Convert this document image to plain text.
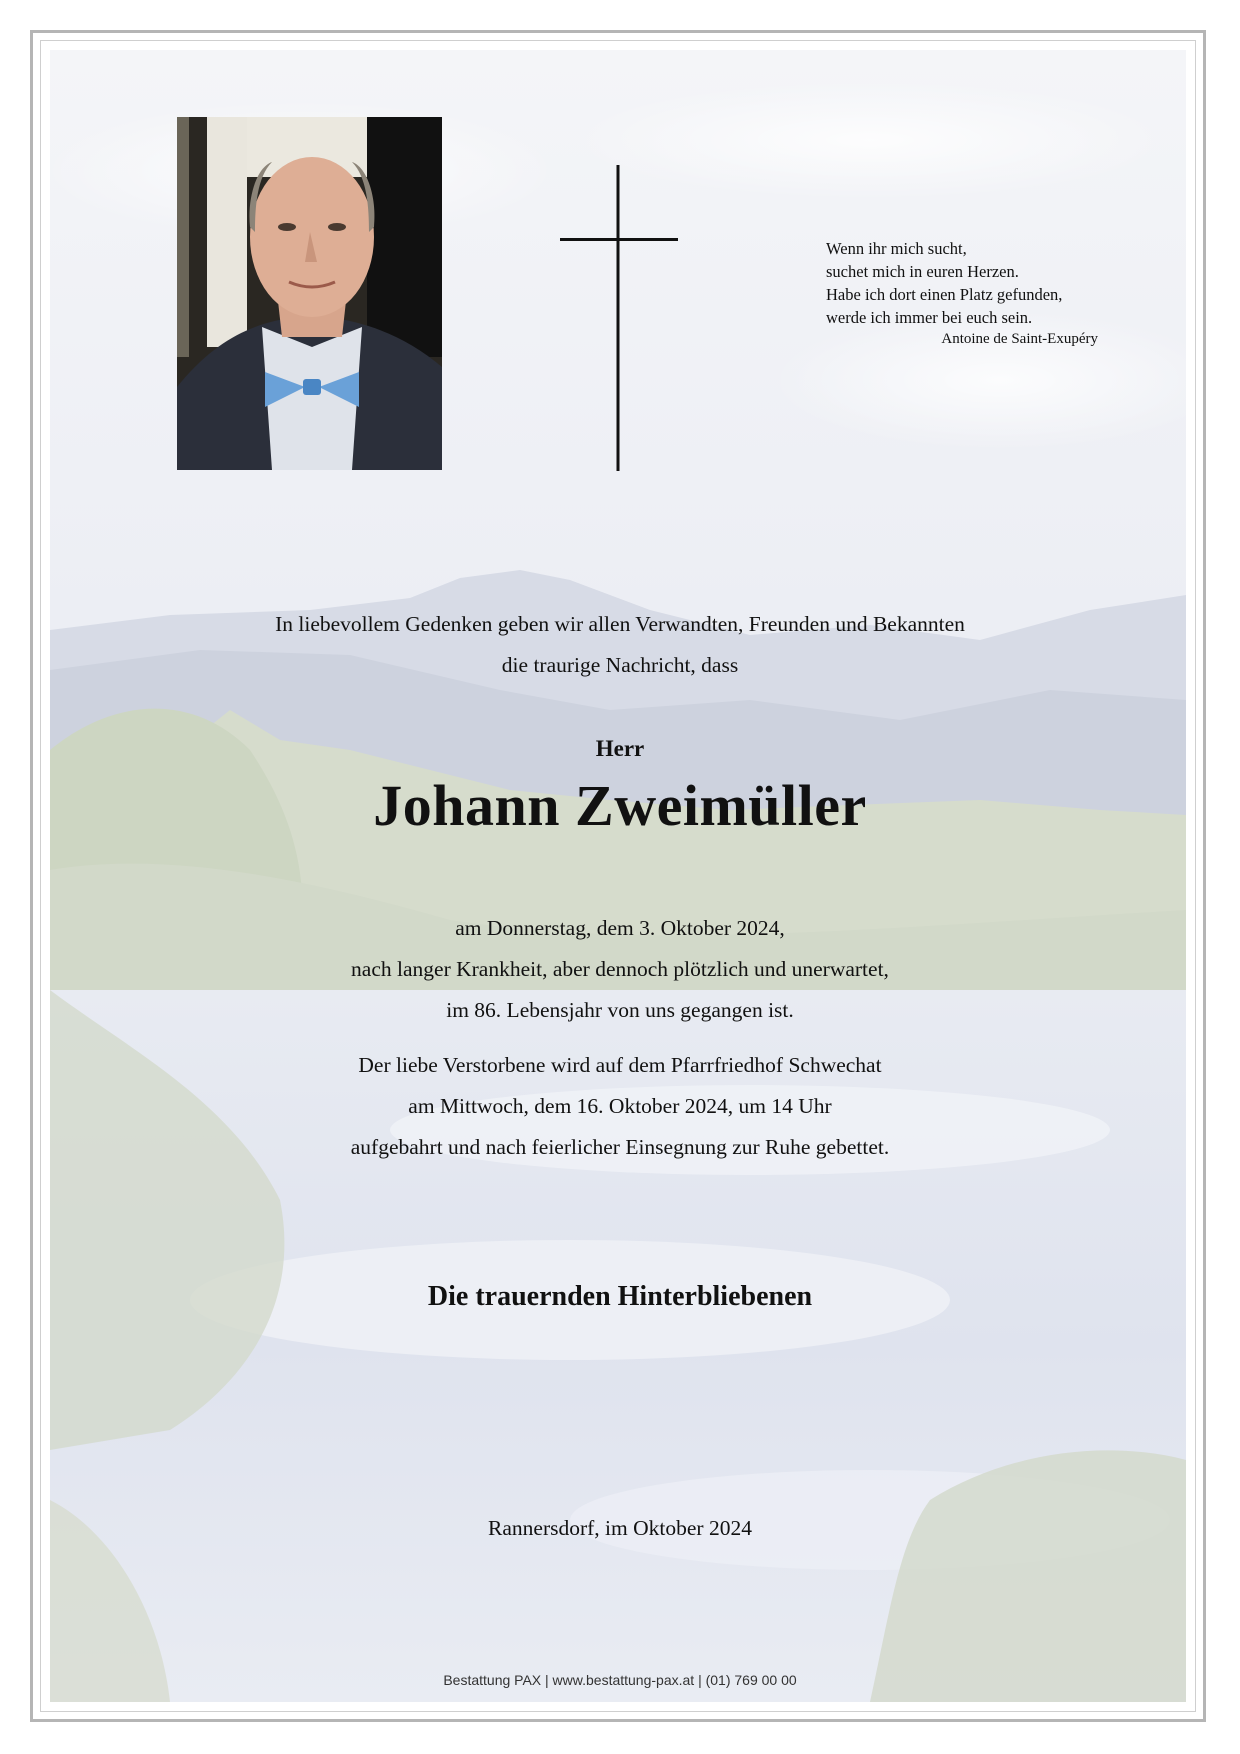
Wenn ihr mich sucht,
suchet mich in euren Herzen.
Habe ich dort einen Platz gefunden,
werde ich immer bei euch sein.
Antoine de Saint-Exupéry
In liebevollem Gedenken geben wir allen Verwandten, Freunden und Bekannten
die traurige Nachricht, dass
Herr
Johann Zweimüller
am Donnerstag, dem 3. Oktober 2024,
nach langer Krankheit, aber dennoch plötzlich und unerwartet,
im 86. Lebensjahr von uns gegangen ist.
Der liebe Verstorbene wird auf dem Pfarrfriedhof Schwechat
am Mittwoch, dem 16. Oktober 2024, um 14 Uhr
aufgebahrt und nach feierlicher Einsegnung zur Ruhe gebettet.
Die trauernden Hinterbliebenen
Rannersdorf, im Oktober 2024
Bestattung PAX | www.bestattung-pax.at | (01) 769 00 00
